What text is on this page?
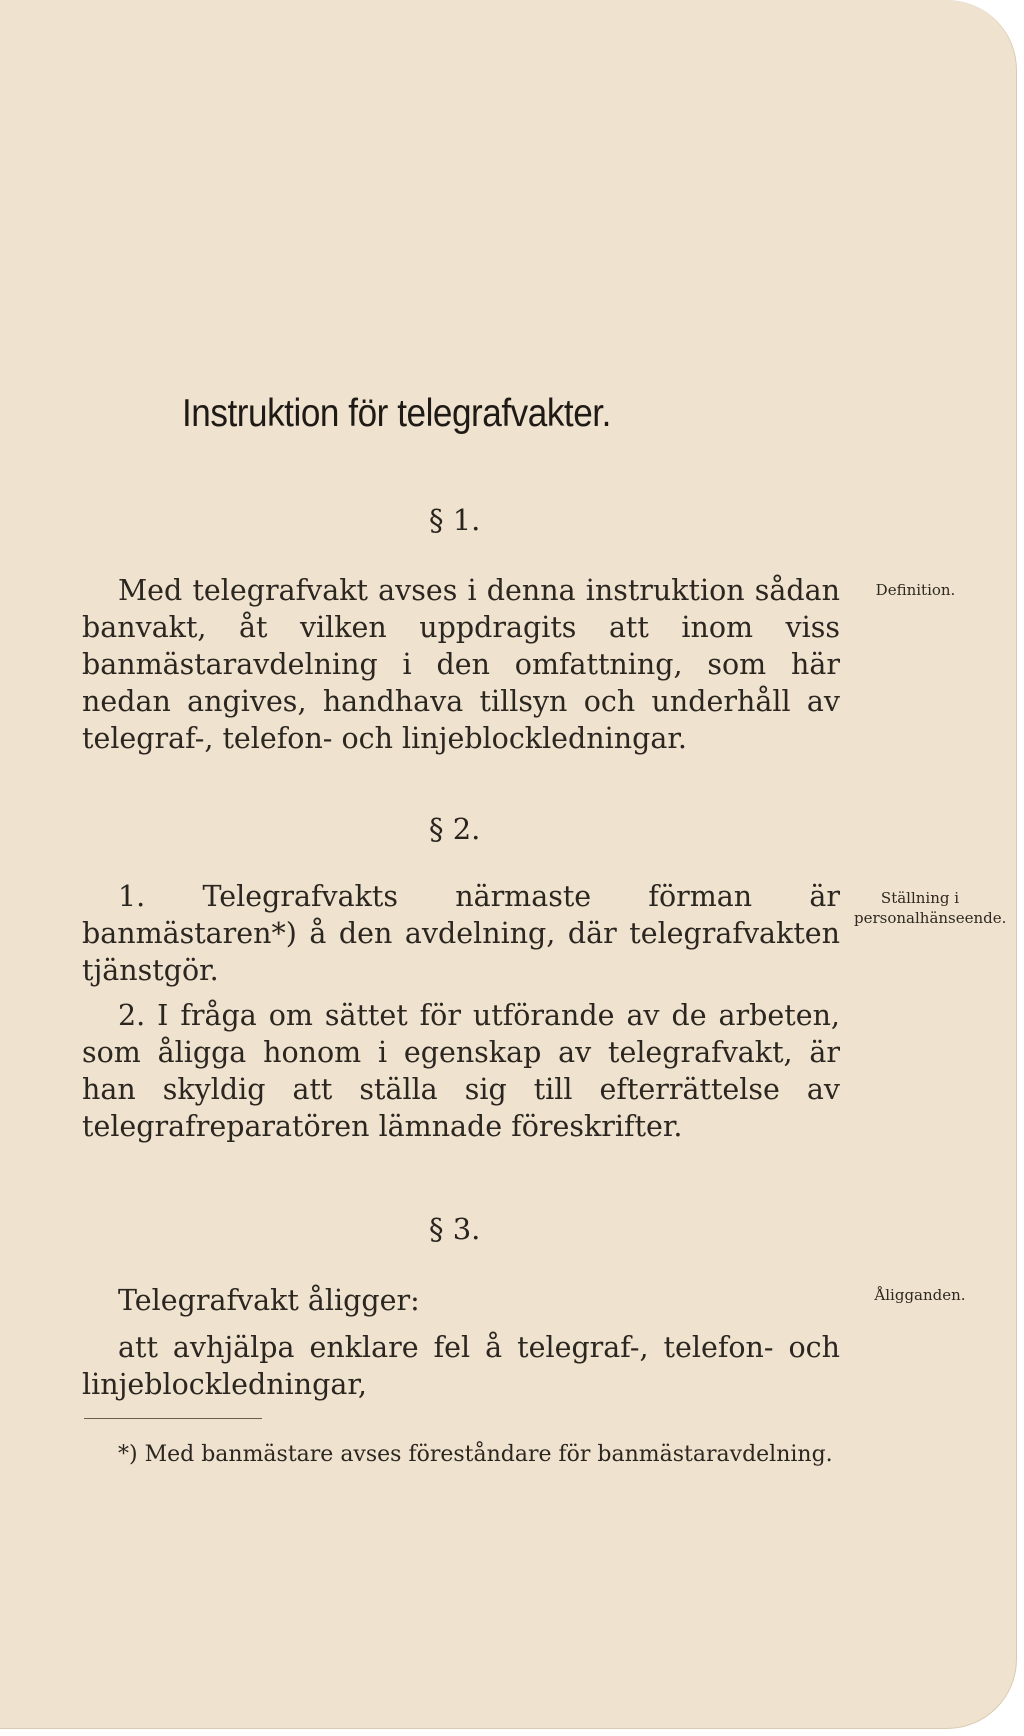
Instruktion för telegrafvakter.
§ 1.
Med telegrafvakt avses i denna instruktion sådan banvakt, åt vilken uppdragits att inom viss banmästaravdelning i den omfattning, som här nedan angives, handhava tillsyn och underhåll av telegraf-, telefon- och linjeblockledningar.
Definition.
§ 2.
1. Telegrafvakts närmaste förman är banmästaren*) å den avdelning, där telegrafvakten tjänstgör.
2. I fråga om sättet för utförande av de arbeten, som åligga honom i egenskap av telegrafvakt, är han skyldig att ställa sig till efterrättelse av telegrafreparatören lämnade föreskrifter.
Ställning i personalhänseende.
§ 3.
Telegrafvakt åligger:
att avhjälpa enklare fel å telegraf-, telefon- och linjeblockledningar,
Åligganden.
*) Med banmästare avses föreståndare för banmästaravdelning.
